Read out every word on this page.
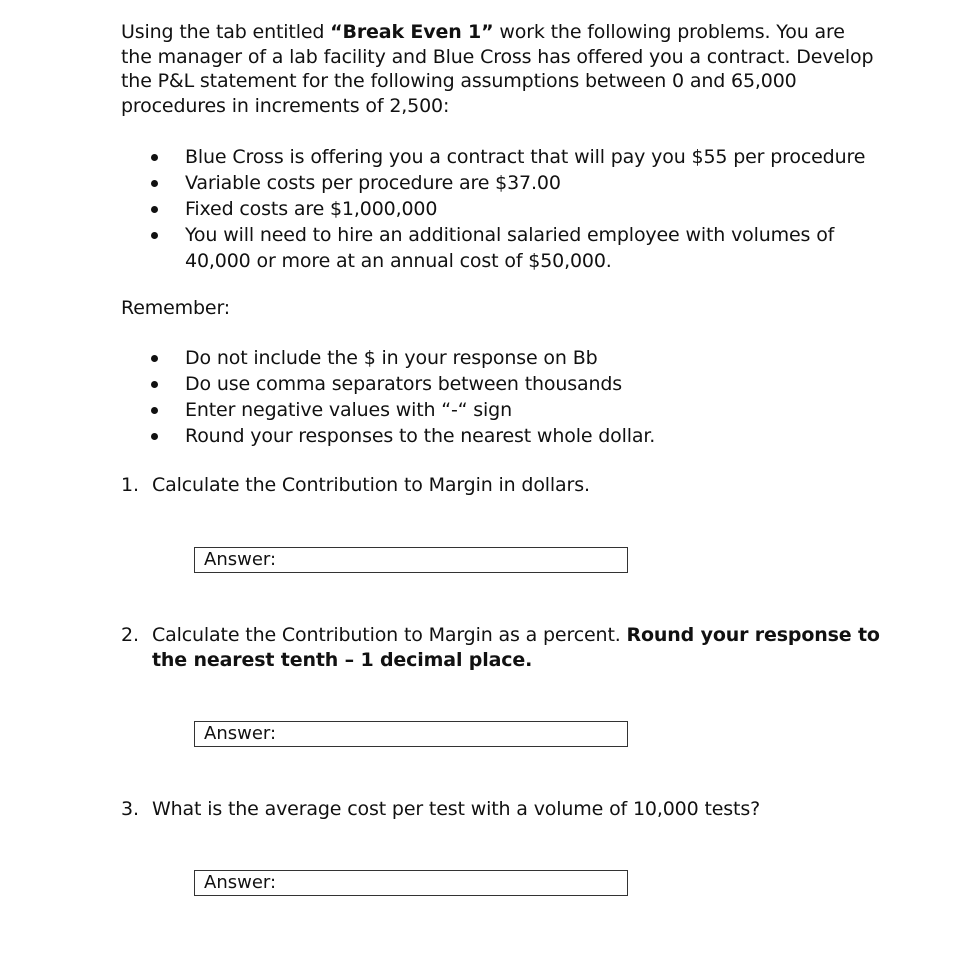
Using the tab entitled “Break Even 1” work the following problems. You are the manager of a lab facility and Blue Cross has offered you a contract. Develop the P&L statement for the following assumptions between 0 and 65,000 procedures in increments of 2,500:
Blue Cross is offering you a contract that will pay you $55 per procedure
Variable costs per procedure are $37.00
Fixed costs are $1,000,000
You will need to hire an additional salaried employee with volumes of 40,000 or more at an annual cost of $50,000.
Remember:
Do not include the $ in your response on Bb
Do use comma separators between thousands
Enter negative values with “-“ sign
Round your responses to the nearest whole dollar.
1. Calculate the Contribution to Margin in dollars.
Answer:
2. Calculate the Contribution to Margin as a percent. Round your response to the nearest tenth – 1 decimal place.
Answer:
3. What is the average cost per test with a volume of 10,000 tests?
Answer:
